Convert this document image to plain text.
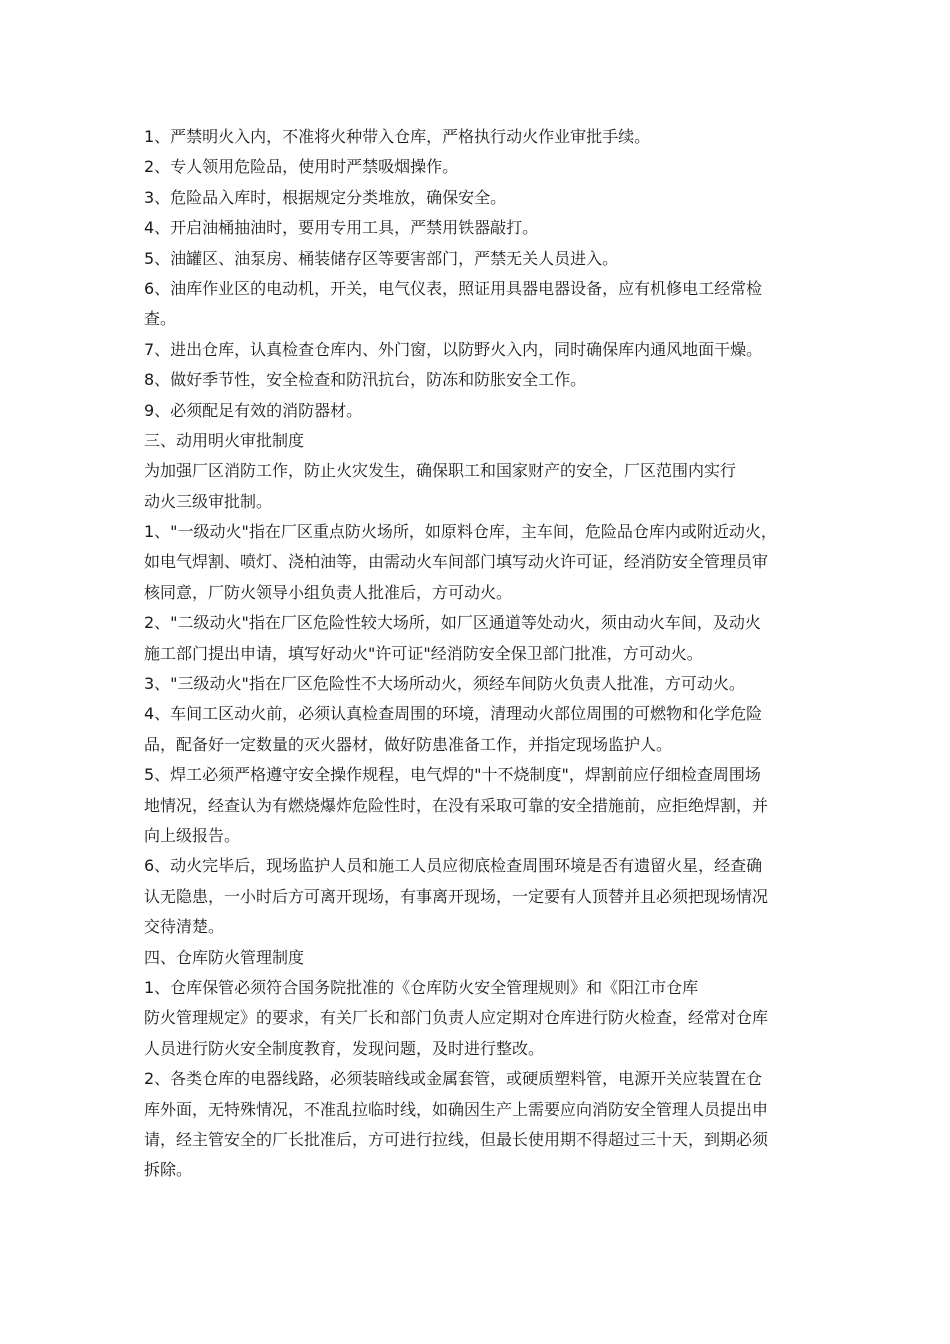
1、严禁明火入内，不准将火种带入仓库，严格执行动火作业审批手续。
2、专人领用危险品，使用时严禁吸烟操作。
3、危险品入库时，根据规定分类堆放，确保安全。
4、开启油桶抽油时，要用专用工具，严禁用铁器敲打。
5、油罐区、油泵房、桶装储存区等要害部门，严禁无关人员进入。
6、油库作业区的电动机，开关，电气仪表，照证用具器电器设备，应有机修电工经常检
查。
7、进出仓库，认真检查仓库内、外门窗，以防野火入内，同时确保库内通风地面干燥。
8、做好季节性，安全检查和防汛抗台，防冻和防胀安全工作。
9、必须配足有效的消防器材。
三、动用明火审批制度
为加强厂区消防工作，防止火灾发生，确保职工和国家财产的安全，厂区范围内实行
动火三级审批制。
1、"一级动火"指在厂区重点防火场所，如原料仓库，主车间，危险品仓库内或附近动火，
如电气焊割、喷灯、浇柏油等，由需动火车间部门填写动火许可证，经消防安全管理员审
核同意，厂防火领导小组负责人批准后，方可动火。
2、"二级动火"指在厂区危险性较大场所，如厂区通道等处动火，须由动火车间，及动火
施工部门提出申请，填写好动火"许可证"经消防安全保卫部门批准，方可动火。
3、"三级动火"指在厂区危险性不大场所动火，须经车间防火负责人批准，方可动火。
4、车间工区动火前，必须认真检查周围的环境，清理动火部位周围的可燃物和化学危险
品，配备好一定数量的灭火器材，做好防患准备工作，并指定现场监护人。
5、焊工必须严格遵守安全操作规程，电气焊的"十不烧制度"，焊割前应仔细检查周围场
地情况，经查认为有燃烧爆炸危险性时，在没有采取可靠的安全措施前，应拒绝焊割，并
向上级报告。
6、动火完毕后，现场监护人员和施工人员应彻底检查周围环境是否有遗留火星，经查确
认无隐患，一小时后方可离开现场，有事离开现场，一定要有人顶替并且必须把现场情况
交待清楚。
四、仓库防火管理制度
1、仓库保管必须符合国务院批准的《仓库防火安全管理规则》和《阳江市仓库
防火管理规定》的要求，有关厂长和部门负责人应定期对仓库进行防火检查，经常对仓库
人员进行防火安全制度教育，发现问题，及时进行整改。
2、各类仓库的电器线路，必须装暗线或金属套管，或硬质塑料管，电源开关应装置在仓
库外面，无特殊情况，不准乱拉临时线，如确因生产上需要应向消防安全管理人员提出申
请，经主管安全的厂长批准后，方可进行拉线，但最长使用期不得超过三十天，到期必须
拆除。
